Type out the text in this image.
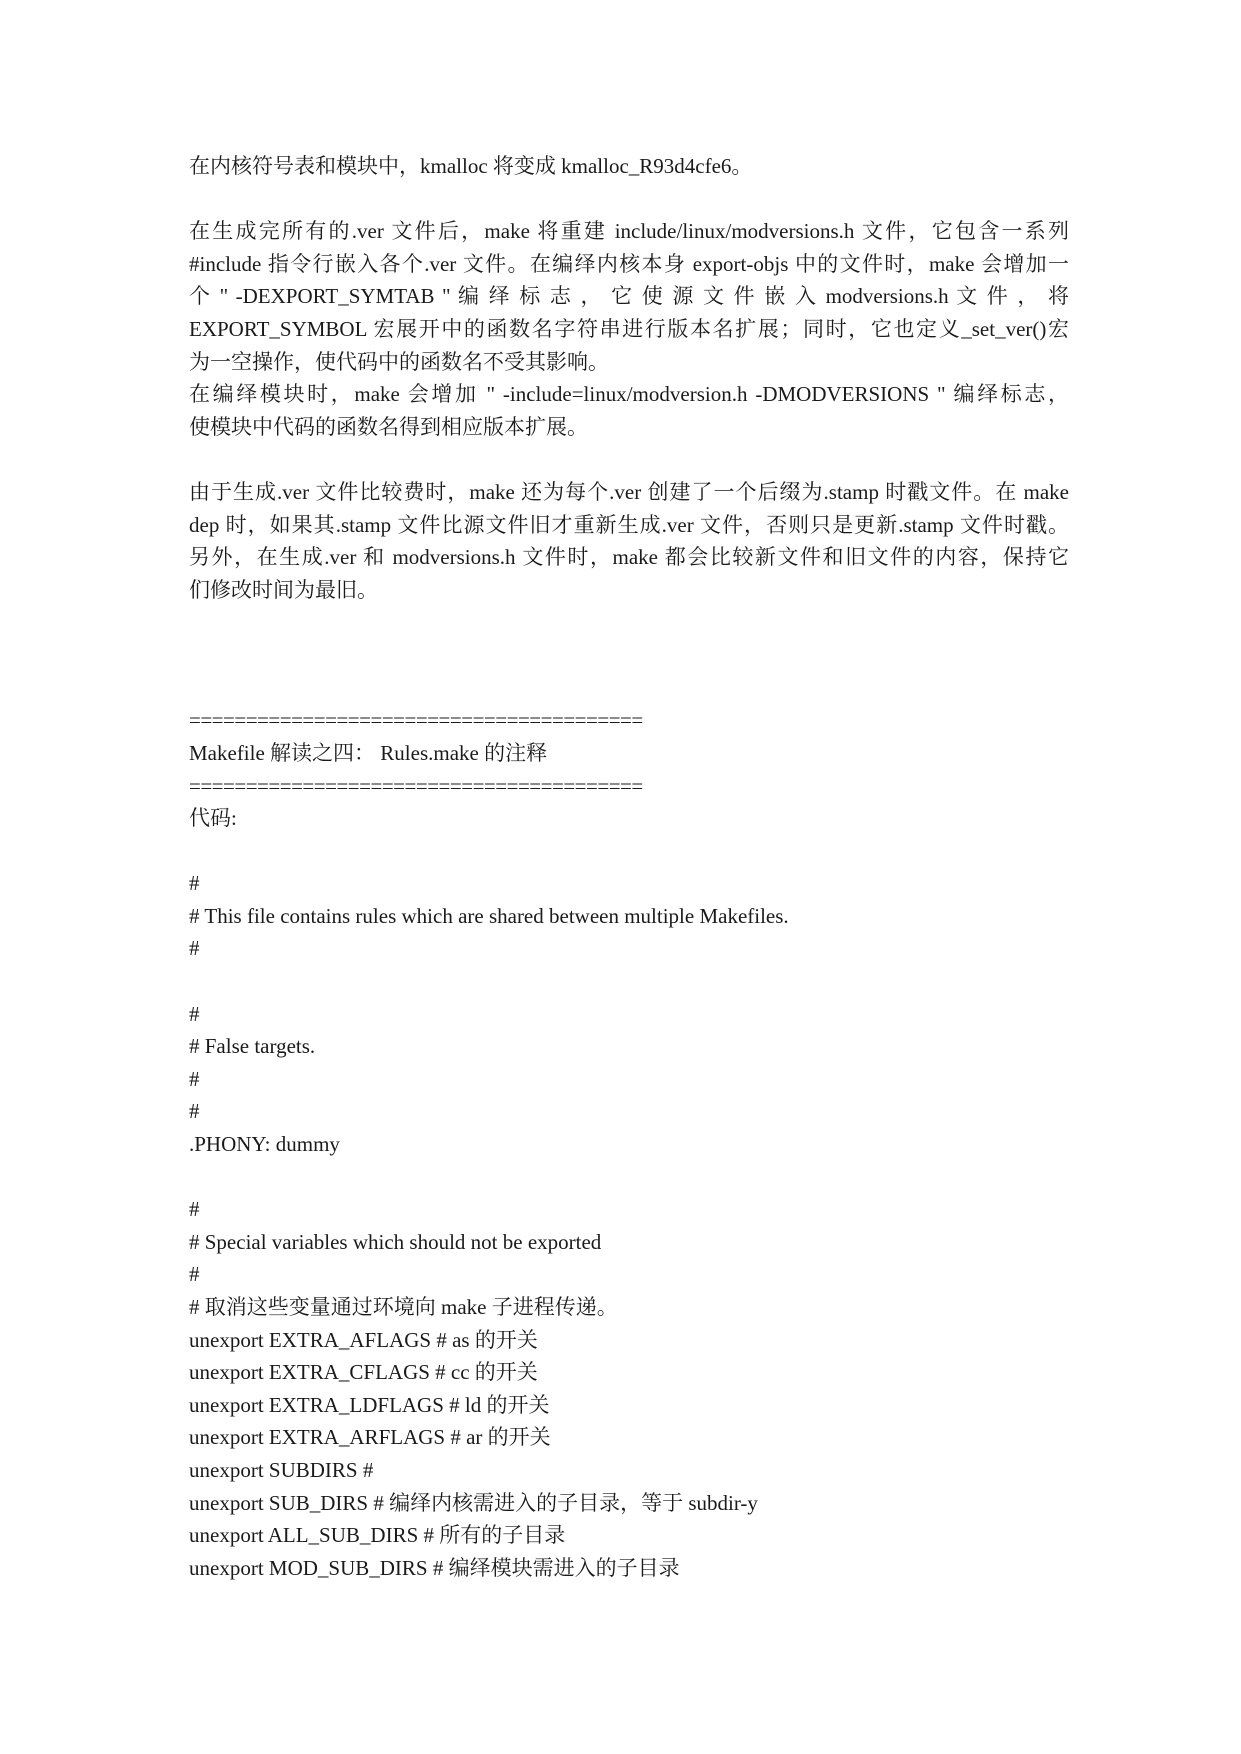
在内核符号表和模块中，kmalloc 将变成 kmalloc_R93d4cfe6。

在生成完所有的.ver 文件后，make 将重建 include/linux/modversions.h 文件，它包含一系列
#include 指令行嵌入各个.ver 文件。在编绎内核本身 export-objs 中的文件时，make 会增加一
个 " -DEXPORT_SYMTAB " 编 绎 标 志 ， 它 使 源 文 件 嵌 入 modversions.h 文 件 ， 将
EXPORT_SYMBOL 宏展开中的函数名字符串进行版本名扩展；同时，它也定义_set_ver()宏
为一空操作，使代码中的函数名不受其影响。
在编绎模块时，make 会增加 " -include=linux/modversion.h -DMODVERSIONS " 编绎标志，
使模块中代码的函数名得到相应版本扩展。
由于生成.ver 文件比较费时，make 还为每个.ver 创建了一个后缀为.stamp 时戳文件。在 make
dep 时，如果其.stamp 文件比源文件旧才重新生成.ver 文件，否则只是更新.stamp 文件时戳。
另外，在生成.ver 和 modversions.h 文件时，make 都会比较新文件和旧文件的内容，保持它
们修改时间为最旧。
========================================
Makefile 解读之四： Rules.make 的注释
========================================
代码:
#
# This file contains rules which are shared between multiple Makefiles.
#
#
# False targets.
#
#
.PHONY: dummy
#
# Special variables which should not be exported
#
# 取消这些变量通过环境向 make 子进程传递。
unexport EXTRA_AFLAGS # as 的开关
unexport EXTRA_CFLAGS # cc 的开关
unexport EXTRA_LDFLAGS # ld 的开关
unexport EXTRA_ARFLAGS # ar 的开关
unexport SUBDIRS #
unexport SUB_DIRS # 编绎内核需进入的子目录，等于 subdir-y
unexport ALL_SUB_DIRS # 所有的子目录
unexport MOD_SUB_DIRS # 编绎模块需进入的子目录
